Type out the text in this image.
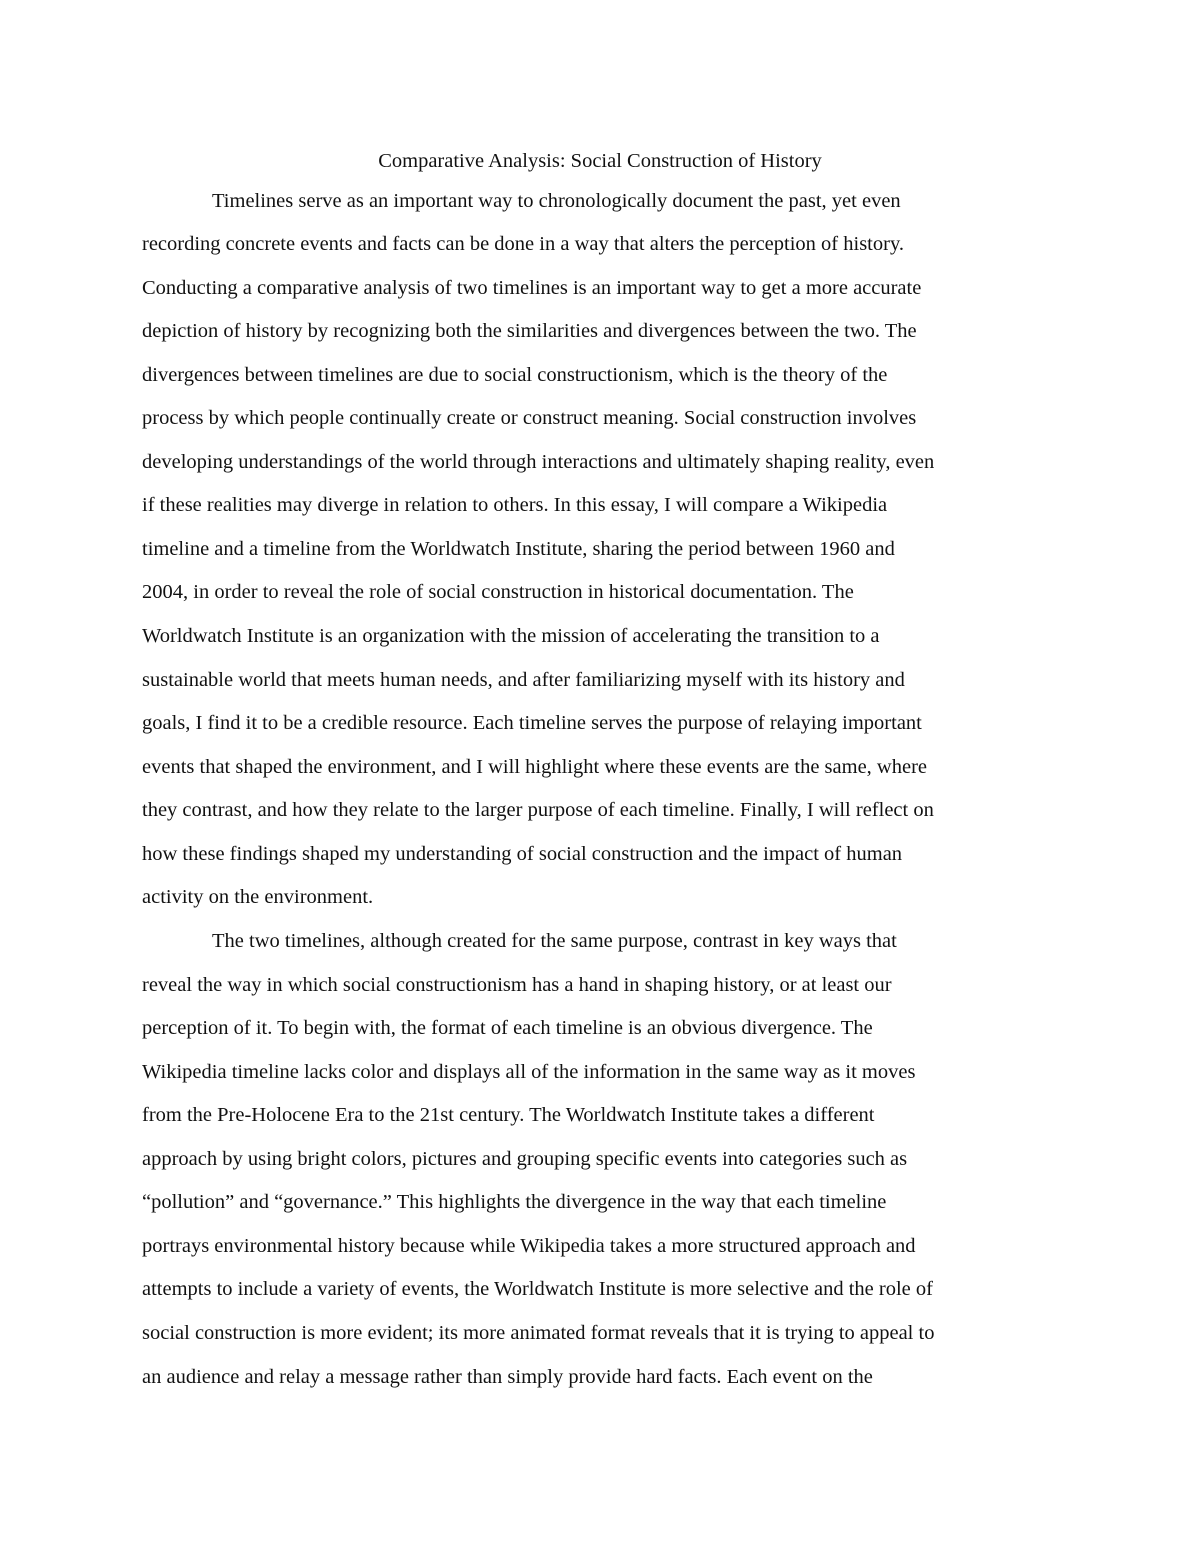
Comparative Analysis: Social Construction of History
Timelines serve as an important way to chronologically document the past, yet even
recording concrete events and facts can be done in a way that alters the perception of history.
Conducting a comparative analysis of two timelines is an important way to get a more accurate
depiction of history by recognizing both the similarities and divergences between the two. The
divergences between timelines are due to social constructionism, which is the theory of the
process by which people continually create or construct meaning. Social construction involves
developing understandings of the world through interactions and ultimately shaping reality, even
if these realities may diverge in relation to others. In this essay, I will compare a Wikipedia
timeline and a timeline from the Worldwatch Institute, sharing the period between 1960 and
2004, in order to reveal the role of social construction in historical documentation. The
Worldwatch Institute is an organization with the mission of accelerating the transition to a
sustainable world that meets human needs, and after familiarizing myself with its history and
goals, I find it to be a credible resource. Each timeline serves the purpose of relaying important
events that shaped the environment, and I will highlight where these events are the same, where
they contrast, and how they relate to the larger purpose of each timeline. Finally, I will reflect on
how these findings shaped my understanding of social construction and the impact of human
activity on the environment.
The two timelines, although created for the same purpose, contrast in key ways that
reveal the way in which social constructionism has a hand in shaping history, or at least our
perception of it. To begin with, the format of each timeline is an obvious divergence. The
Wikipedia timeline lacks color and displays all of the information in the same way as it moves
from the Pre-Holocene Era to the 21st century. The Worldwatch Institute takes a different
approach by using bright colors, pictures and grouping specific events into categories such as
“pollution” and “governance.” This highlights the divergence in the way that each timeline
portrays environmental history because while Wikipedia takes a more structured approach and
attempts to include a variety of events, the Worldwatch Institute is more selective and the role of
social construction is more evident; its more animated format reveals that it is trying to appeal to
an audience and relay a message rather than simply provide hard facts. Each event on the
